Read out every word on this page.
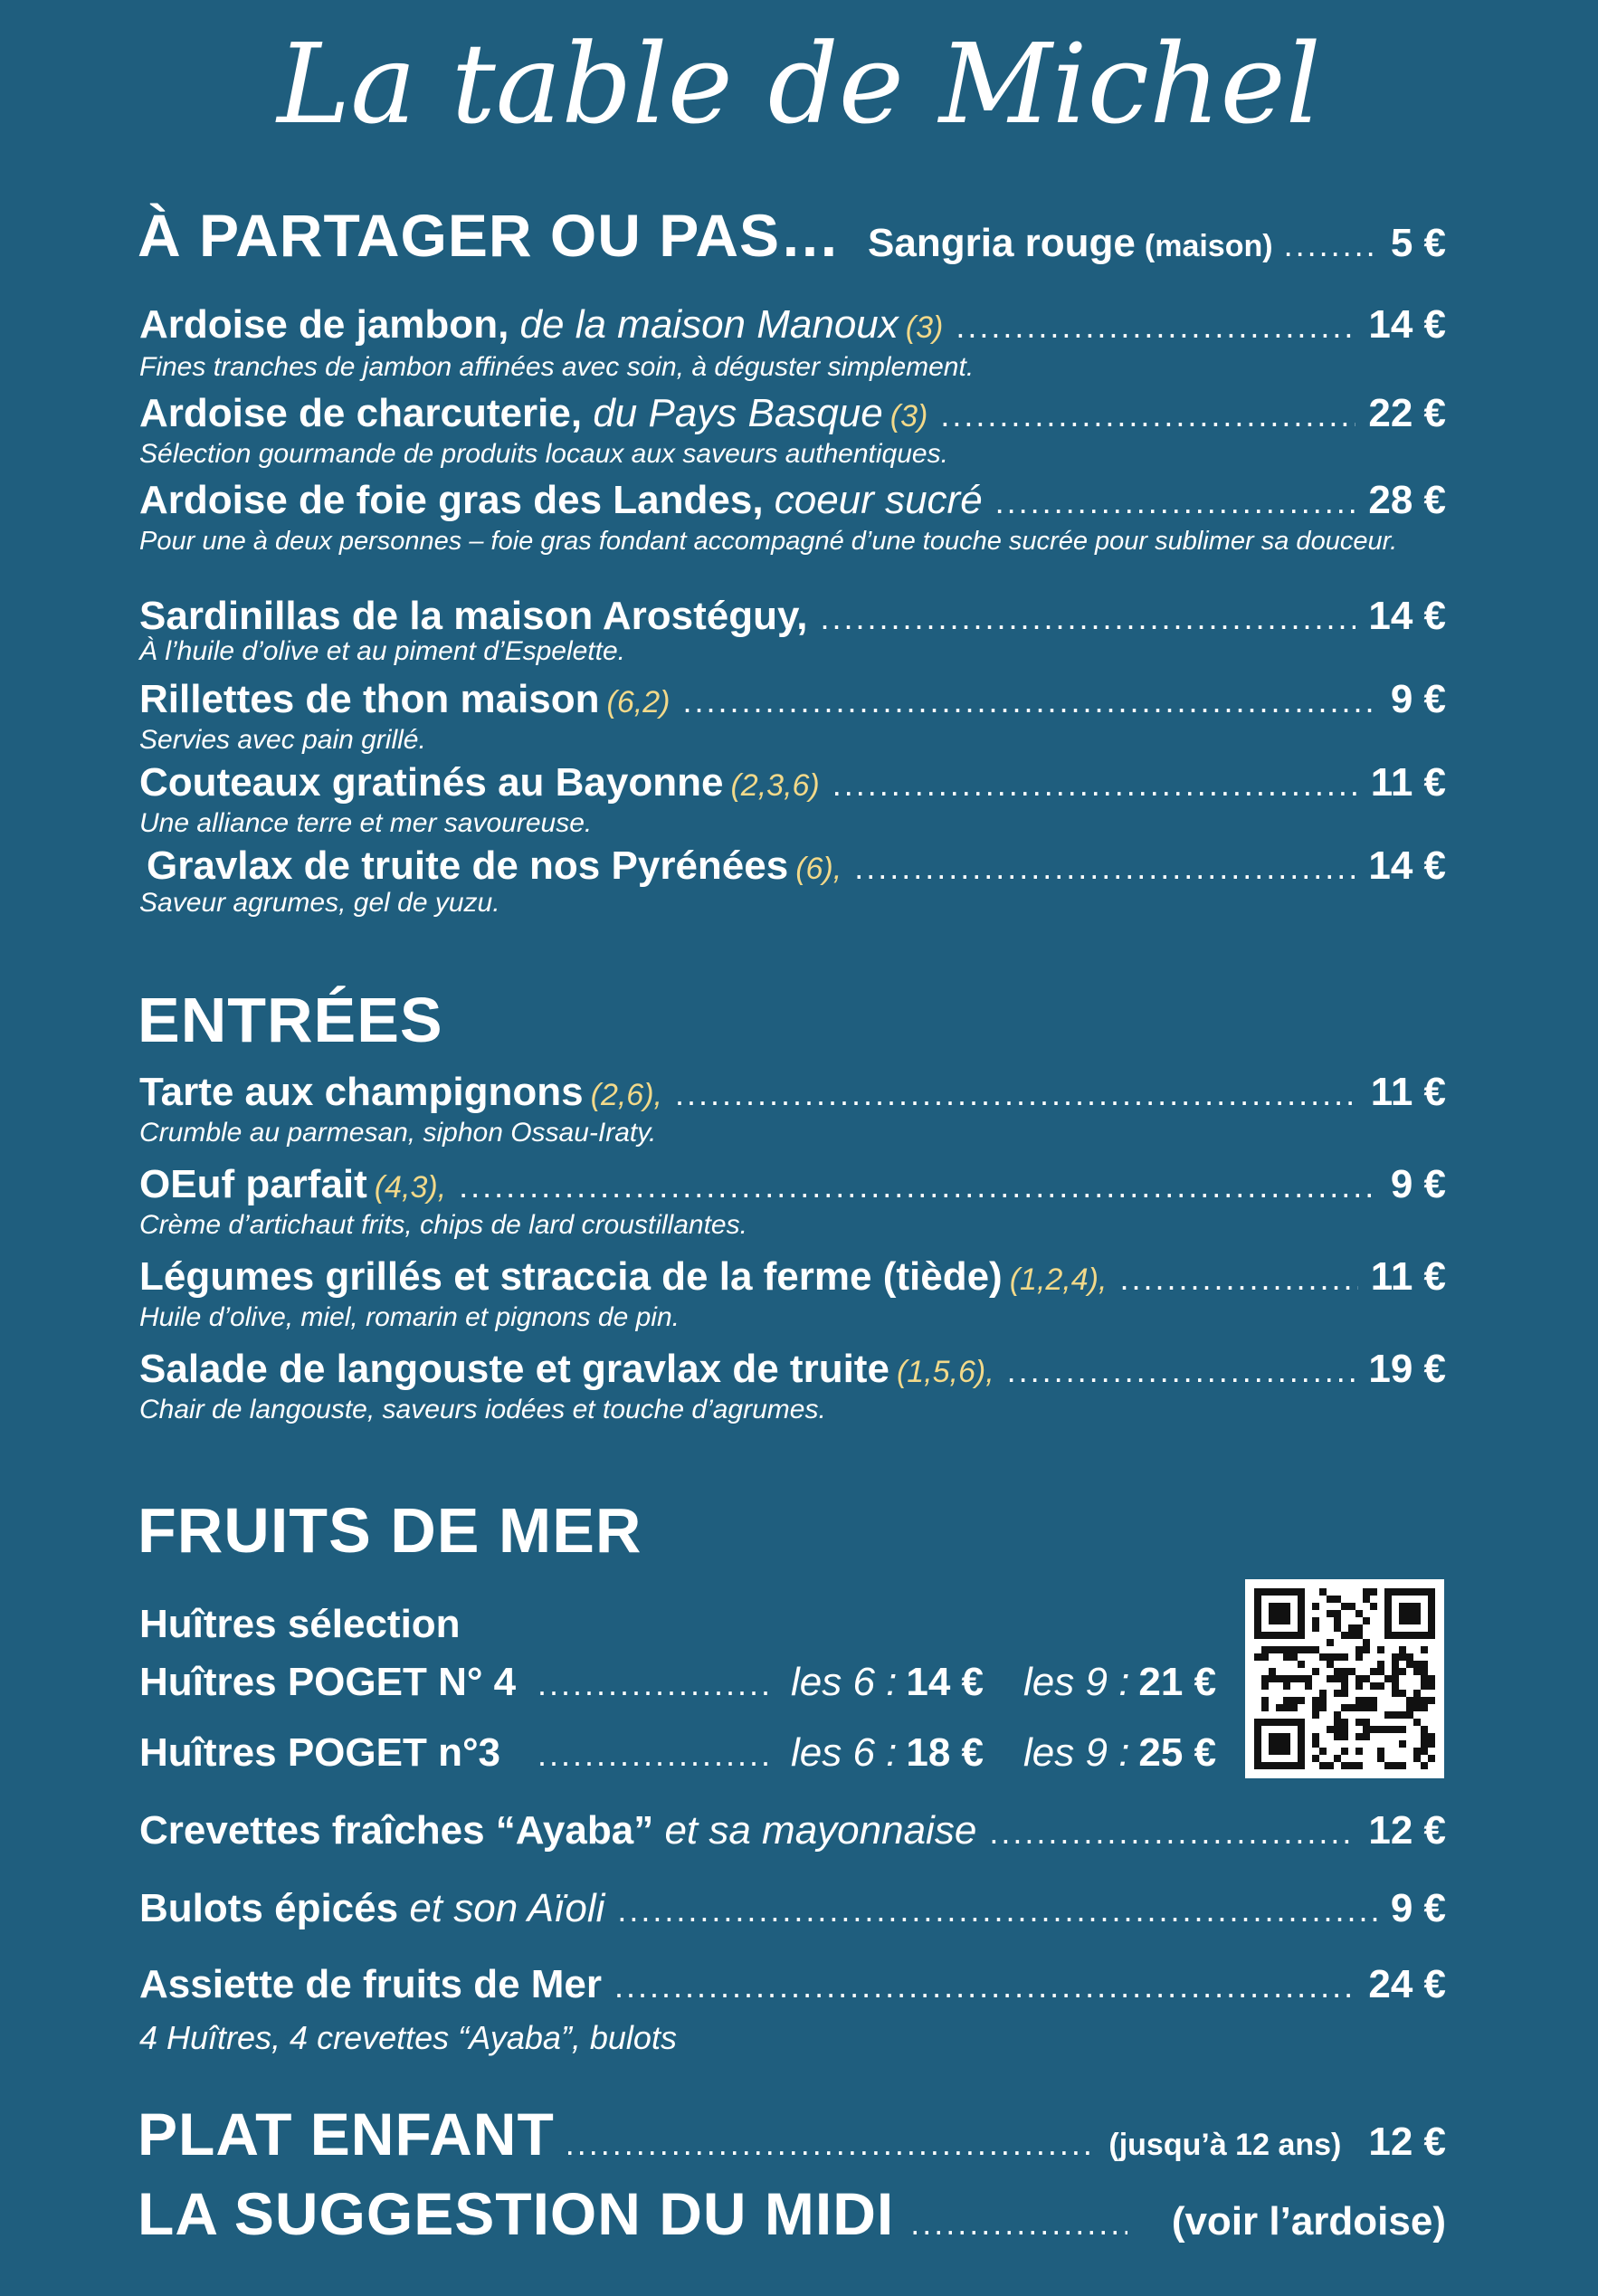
La table de Michel
À PARTAGER OU PAS… Sangria rouge (maison) .....	5 €
Ardoise de jambon,
de la maison Manoux (3) .....	14 €
Fines tranches de jambon affinées avec soin, à déguster simplement.
Ardoise de charcuterie,
du Pays Basque (3) .....	22 €
Sélection gourmande de produits locaux aux saveurs authentiques.
Ardoise de foie gras des Landes,
coeur sucré .....	28 €
Pour une à deux personnes – foie gras fondant accompagné d’une touche sucrée pour sublimer sa douceur.
Sardinillas de la maison Arostéguy, .....	14 €
À l’huile d’olive et au piment d’Espelette.
Rillettes de thon maison (6,2) .....	9 €
Servies avec pain grillé.
Couteaux gratinés au Bayonne (2,3,6) .....	11 €
Une alliance terre et mer savoureuse.
Gravlax de truite de nos Pyrénées (6), .....	14 €
Saveur agrumes, gel de yuzu.
ENTRÉES
Tarte aux champignons (2,6), .....	11 €
Crumble au parmesan, siphon Ossau-Iraty.
OEuf parfait (4,3), .....	9 €
Crème d’artichaut frits, chips de lard croustillantes.
Légumes grillés et straccia de la ferme (tiède) (1,2,4), .....	11 €
Huile d’olive, miel, romarin et pignons de pin.
Salade de langouste et gravlax de truite (1,5,6), .....	19 €
Chair de langouste, saveurs iodées et touche d’agrumes.
FRUITS DE MER
Huîtres sélection
Huîtres POGET N° 4 .....	les 6 : 14 € les 9 : 21 €
Huîtres POGET n°3 .....	les 6 : 18 € les 9 : 25 €
Crevettes fraîches “Ayaba”
et sa mayonnaise .....	12 €
Bulots épicés
et son Aïoli .....	9 €
Assiette de fruits de Mer .....	24 €
4 Huîtres, 4 crevettes “Ayaba”, bulots
PLAT ENFANT .....	(jusqu’à 12 ans) 12 €
LA SUGGESTION DU MIDI .....	(voir l’ardoise)
